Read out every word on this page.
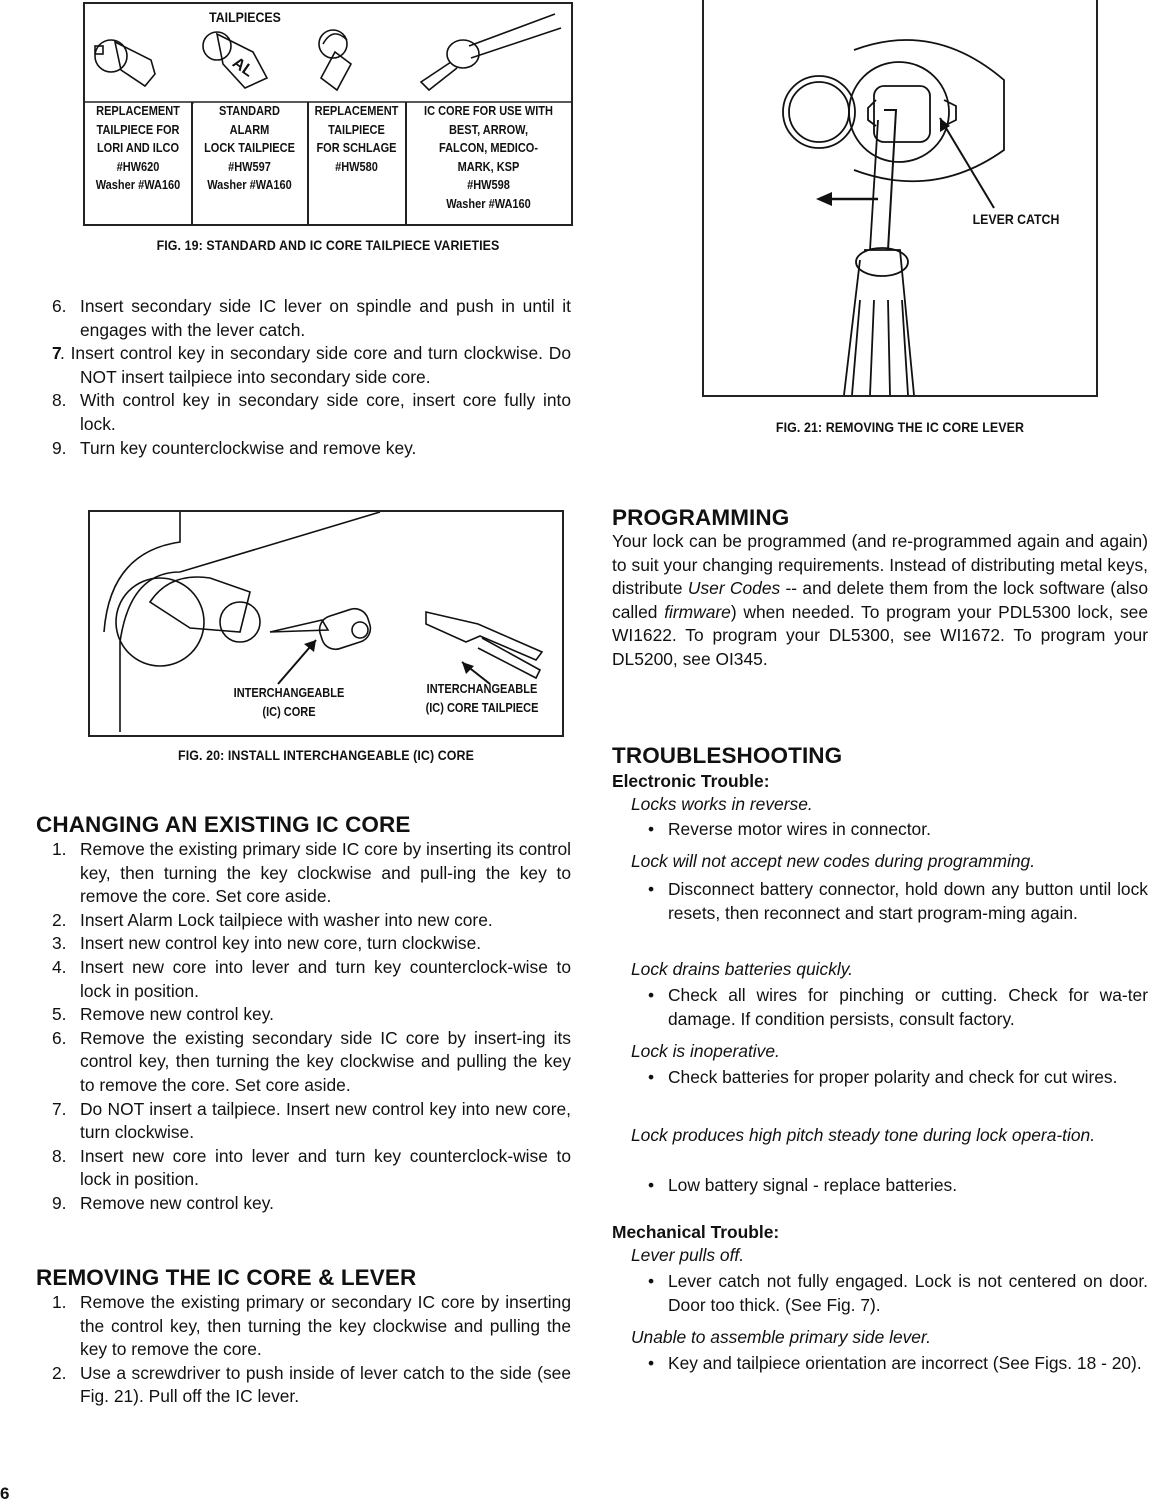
AL
TAILPIECES
REPLACEMENT
TAILPIECE FOR
LORI AND ILCO
#HW620
Washer #WA160
STANDARD
ALARM
LOCK TAILPIECE
#HW597
Washer #WA160
REPLACEMENT
TAILPIECE
FOR SCHLAGE
#HW580
IC CORE FOR USE WITH
BEST, ARROW,
FALCON, MEDICO-
MARK, KSP
#HW598
Washer #WA160
FIG. 19: STANDARD AND IC CORE TAILPIECE VARIETIES
6. Insert secondary side IC lever on spindle and push in until it engages with the lever catch.
7
. Insert control key in secondary side core and turn clockwise. Do NOT insert tailpiece into secondary side core.
8. With control key in secondary side core, insert core fully into lock.
9. Turn key counterclockwise and remove key.
INTERCHANGEABLE
(IC) CORE
INTERCHANGEABLE
(IC) CORE TAILPIECE
FIG. 20: INSTALL INTERCHANGEABLE (IC) CORE
CHANGING AN EXISTING IC CORE
1. Remove the existing primary side IC core by inserting its control key, then turning the key clockwise and pull-ing the key to remove the core. Set core aside.
2. Insert Alarm Lock tailpiece with washer into new core.
3. Insert new control key into new core, turn clockwise.
4. Insert new core into lever and turn key counterclock-wise to lock in position.
5. Remove new control key.
6. Remove the existing secondary side IC core by insert-ing its control key, then turning the key clockwise and pulling the key to remove the core. Set core aside.
7. Do NOT insert a tailpiece. Insert new control key into new core, turn clockwise.
8. Insert new core into lever and turn key counterclock-wise to lock in position.
9. Remove new control key.
REMOVING THE IC CORE & LEVER
1. Remove the existing primary or secondary IC core by inserting the control key, then turning the key clockwise and pulling the key to remove the core.
2. Use a screwdriver to push inside of lever catch to the side (see Fig. 21). Pull off the IC lever.
6
LEVER CATCH
FIG. 21: REMOVING THE IC CORE LEVER
PROGRAMMING

Your lock can be programmed (and re-programmed again and again) to suit your changing requirements. Instead of distributing metal keys, distribute User Codes -- and delete them from the lock software (also called firmware) when needed. To program your PDL5300 lock, see WI1622. To program your DL5300, see WI1672. To program your DL5200, see OI345.

TROUBLESHOOTING
Electronic Trouble:
Locks works in reverse.
• Reverse motor wires in connector.
Lock will not accept new codes during programming.
• Disconnect battery connector, hold down any button until lock resets, then reconnect and start program-ming again.
Lock drains batteries quickly.
• Check all wires for pinching or cutting. Check for wa-ter damage. If condition persists, consult factory.
Lock is inoperative.
• Check batteries for proper polarity and check for cut wires.
Lock produces high pitch steady tone during lock opera-tion.
• Low battery signal - replace batteries.
Mechanical Trouble:
Lever pulls off.
• Lever catch not fully engaged. Lock is not centered on door. Door too thick. (See Fig. 7).
Unable to assemble primary side lever.
• Key and tailpiece orientation are incorrect (See Figs. 18 - 20).
